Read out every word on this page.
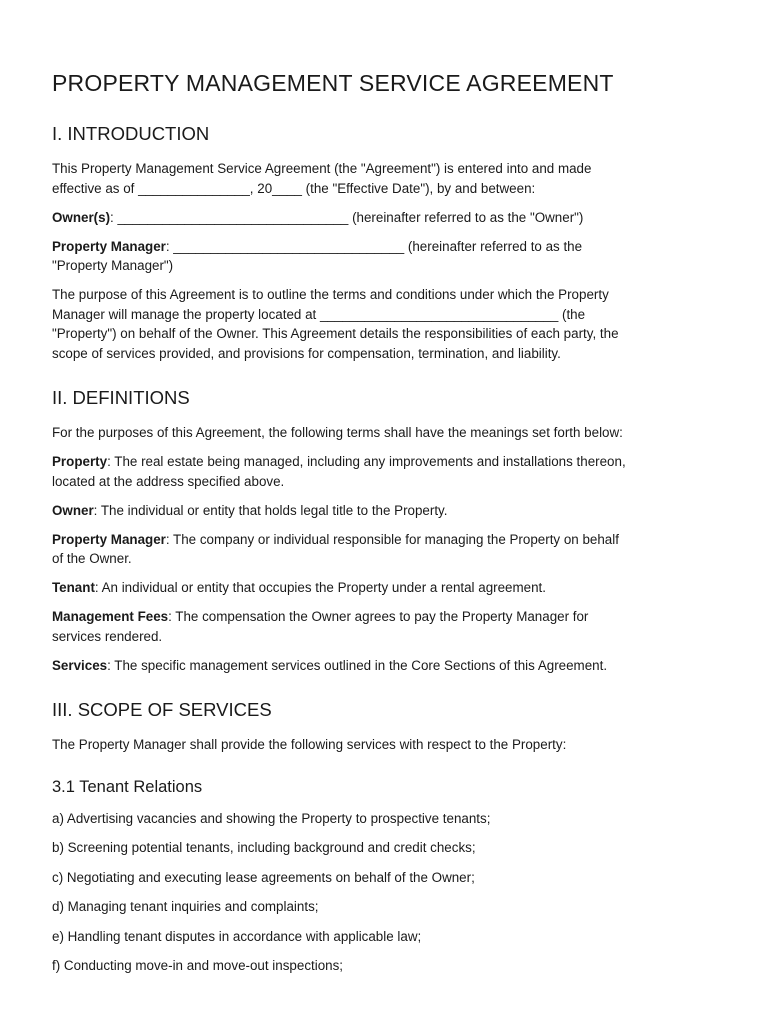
PROPERTY MANAGEMENT SERVICE AGREEMENT
I. INTRODUCTION

This Property Management Service Agreement (the "Agreement") is entered into and made
effective as of _______________, 20____ (the "Effective Date"), by and between:

Owner(s): _______________________________ (hereinafter referred to as the "Owner")

Property Manager: _______________________________ (hereinafter referred to as the
"Property Manager")

The purpose of this Agreement is to outline the terms and conditions under which the Property
Manager will manage the property located at ________________________________ (the
"Property") on behalf of the Owner. This Agreement details the responsibilities of each party, the
scope of services provided, and provisions for compensation, termination, and liability.

II. DEFINITIONS

For the purposes of this Agreement, the following terms shall have the meanings set forth below:

Property: The real estate being managed, including any improvements and installations thereon,
located at the address specified above.

Owner: The individual or entity that holds legal title to the Property.

Property Manager: The company or individual responsible for managing the Property on behalf
of the Owner.

Tenant: An individual or entity that occupies the Property under a rental agreement.

Management Fees: The compensation the Owner agrees to pay the Property Manager for
services rendered.

Services: The specific management services outlined in the Core Sections of this Agreement.

III. SCOPE OF SERVICES

The Property Manager shall provide the following services with respect to the Property:

3.1 Tenant Relations

a) Advertising vacancies and showing the Property to prospective tenants;

b) Screening potential tenants, including background and credit checks;

c) Negotiating and executing lease agreements on behalf of the Owner;

d) Managing tenant inquiries and complaints;

e) Handling tenant disputes in accordance with applicable law;

f) Conducting move-in and move-out inspections;
